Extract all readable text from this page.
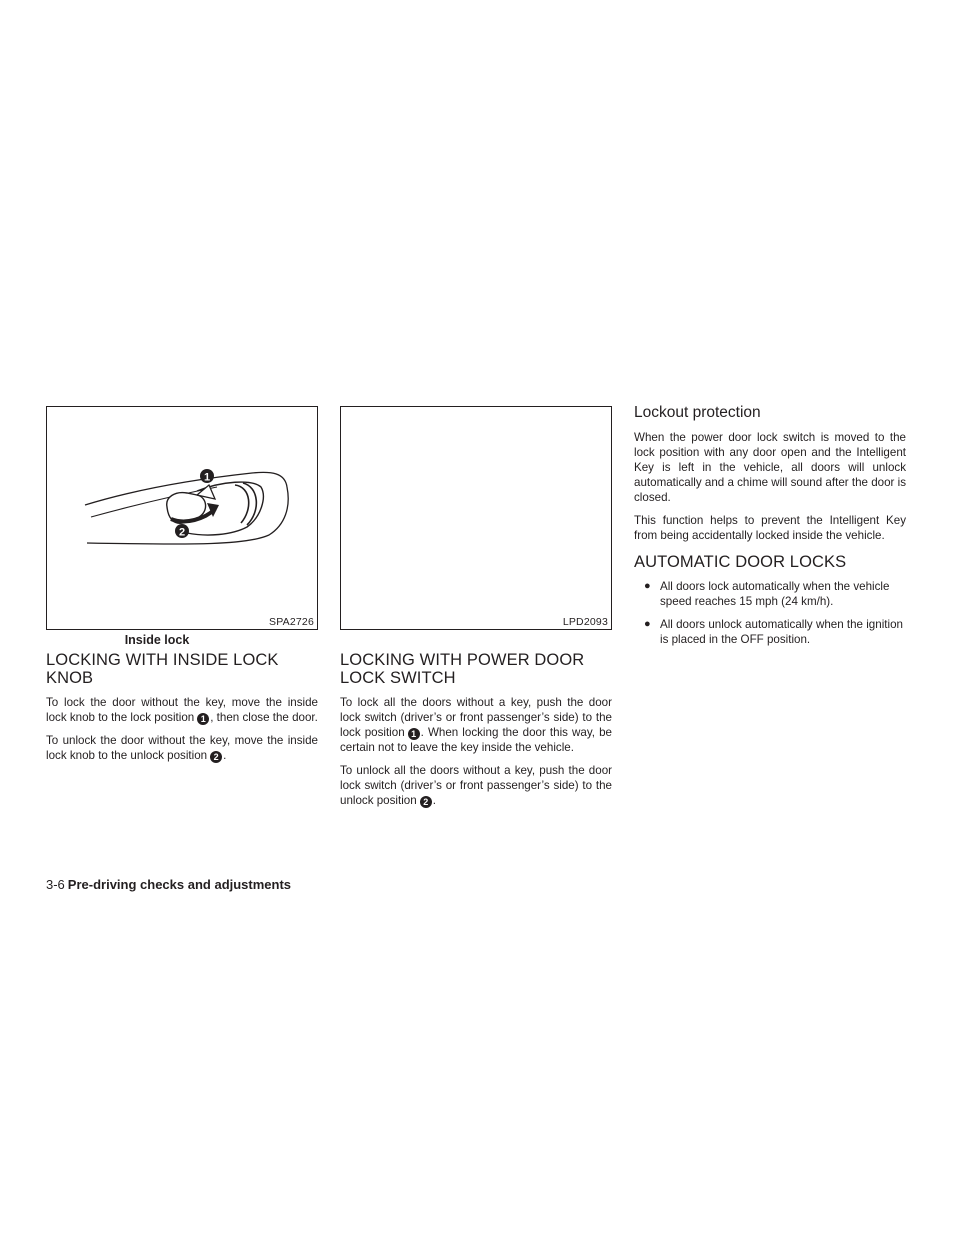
1
2
SPA2726
Inside lock
LOCKING WITH INSIDE LOCK KNOB

To lock the door without the key, move the inside lock knob to the lock position 1 , then close the door.

To unlock the door without the key, move the inside lock knob to the unlock position 2 .

LPD2093
LOCKING WITH POWER DOOR LOCK SWITCH

To lock all the doors without a key, push the door lock switch (driver’s or front passenger’s side) to the lock position 1 . When locking the door this way, be certain not to leave the key inside the vehicle.

To unlock all the doors without a key, push the door lock switch (driver’s or front passenger’s side) to the unlock position 2 .

Lockout protection

When the power door lock switch is moved to the lock position with any door open and the Intelligent Key is left in the vehicle, all doors will unlock automatically and a chime will sound after the door is closed.

This function helps to prevent the Intelligent Key from being accidentally locked inside the vehicle.

AUTOMATIC DOOR LOCKS
● All doors lock automatically when the vehicle speed reaches 15 mph (24 km/h).
● All doors unlock automatically when the ignition is placed in the OFF position.
3-6 Pre-driving checks and adjustments
